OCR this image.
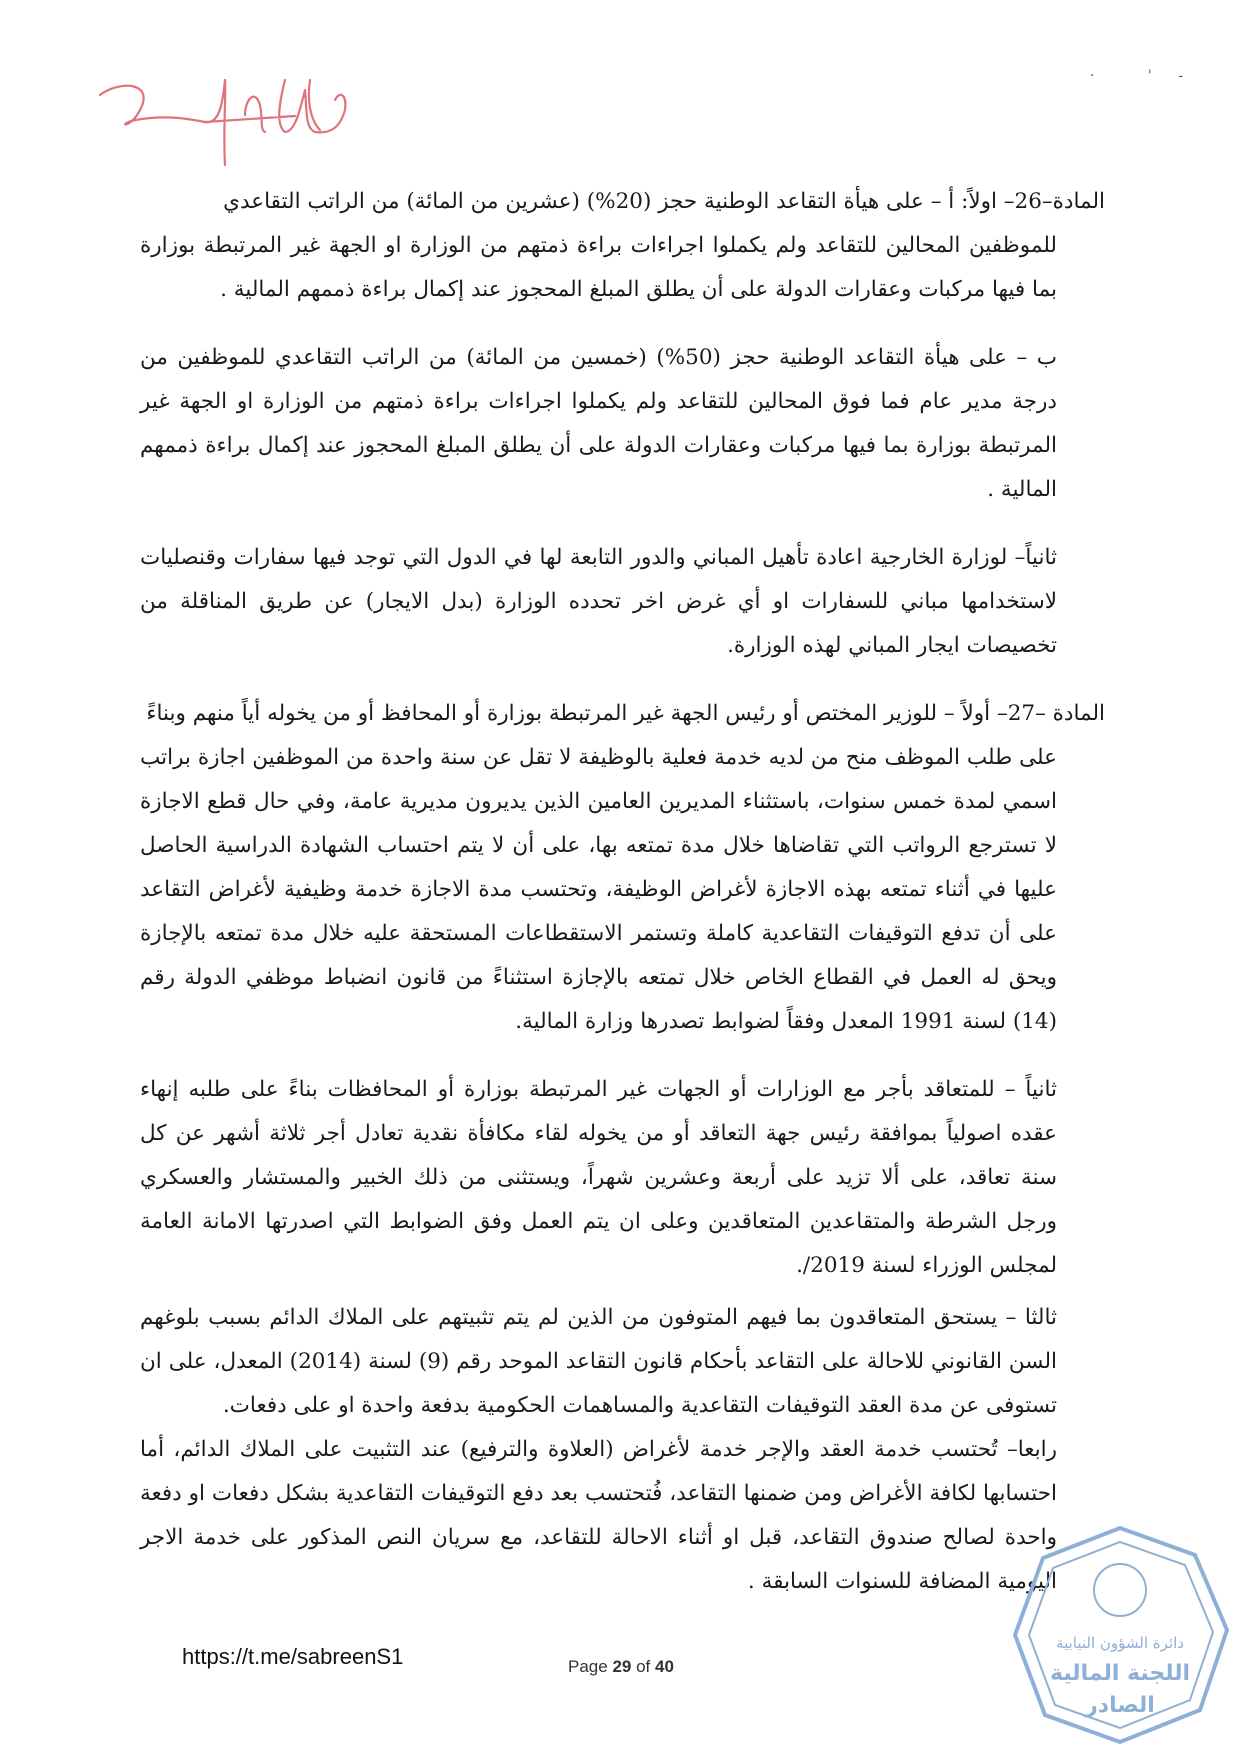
·            '      -

المادة–26– اولاً: أ – على هيأة التقاعد الوطنية حجز (20%) (عشرين من المائة) من الراتب التقاعدي

للموظفين المحالين للتقاعد ولم يكملوا اجراءات براءة ذمتهم من الوزارة او الجهة غير المرتبطة بوزارة بما فيها مركبات وعقارات الدولة على أن يطلق المبلغ المحجوز عند إكمال براءة ذممهم المالية .

ب – على هيأة التقاعد الوطنية حجز (50%) (خمسين من المائة) من الراتب التقاعدي للموظفين من درجة مدير عام فما فوق المحالين للتقاعد ولم يكملوا اجراءات براءة ذمتهم من الوزارة او الجهة غير المرتبطة بوزارة بما فيها مركبات وعقارات الدولة على أن يطلق المبلغ المحجوز عند إكمال براءة ذممهم المالية .

ثانياً– لوزارة الخارجية اعادة تأهيل المباني والدور التابعة لها في الدول التي توجد فيها سفارات وقنصليات لاستخدامها مباني للسفارات او أي غرض اخر تحدده الوزارة (بدل الايجار) عن طريق المناقلة من تخصيصات ايجار المباني لهذه الوزارة.

المادة –27– أولاً – للوزير المختص أو رئيس الجهة غير المرتبطة بوزارة أو المحافظ أو من يخوله أياً منهم وبناءً

على طلب الموظف منح من لديه خدمة فعلية بالوظيفة لا تقل عن سنة واحدة من الموظفين اجازة براتب اسمي لمدة خمس سنوات، باستثناء المديرين العامين الذين يديرون مديرية عامة، وفي حال قطع الاجازة لا تسترجع الرواتب التي تقاضاها خلال مدة تمتعه بها، على أن لا يتم احتساب الشهادة الدراسية الحاصل عليها في أثناء تمتعه بهذه الاجازة لأغراض الوظيفة، وتحتسب مدة الاجازة خدمة وظيفية لأغراض التقاعد على أن تدفع التوقيفات التقاعدية كاملة وتستمر الاستقطاعات المستحقة عليه خلال مدة تمتعه بالإجازة ويحق له العمل في القطاع الخاص خلال تمتعه بالإجازة استثناءً من قانون انضباط موظفي الدولة رقم (14) لسنة 1991 المعدل وفقاً لضوابط تصدرها وزارة المالية.

ثانياً – للمتعاقد بأجر مع الوزارات أو الجهات غير المرتبطة بوزارة أو المحافظات بناءً على طلبه إنهاء عقده اصولياً بموافقة رئيس جهة التعاقد أو من يخوله لقاء مكافأة نقدية تعادل أجر ثلاثة أشهر عن كل سنة تعاقد، على ألا تزيد على أربعة وعشرين شهراً، ويستثنى من ذلك الخبير والمستشار والعسكري ورجل الشرطة والمتقاعدين المتعاقدين وعلى ان يتم العمل وفق الضوابط التي اصدرتها الامانة العامة لمجلس الوزراء لسنة 2019/.

ثالثا – يستحق المتعاقدون بما فيهم المتوفون من الذين لم يتم تثبيتهم على الملاك الدائم بسبب بلوغهم السن القانوني للاحالة على التقاعد بأحكام قانون التقاعد الموحد رقم (9) لسنة (2014) المعدل، على ان تستوفى عن مدة العقد التوقيفات التقاعدية والمساهمات الحكومية بدفعة واحدة او على دفعات.

رابعا– تُحتسب خدمة العقد والإجر خدمة لأغراض (العلاوة والترفيع) عند التثبيت على الملاك الدائم، أما احتسابها لكافة الأغراض ومن ضمنها التقاعد، فُتحتسب بعد دفع التوقيفات التقاعدية بشكل دفعات او دفعة واحدة لصالح صندوق التقاعد، قبل او أثناء الاحالة للتقاعد، مع سريان النص المذكور على خدمة الاجر اليومية المضافة للسنوات السابقة .

دائرة الشؤون النيابية
اللجنة المالية
الصادر
https://t.me/sabreenS1	Page 29 of 40
